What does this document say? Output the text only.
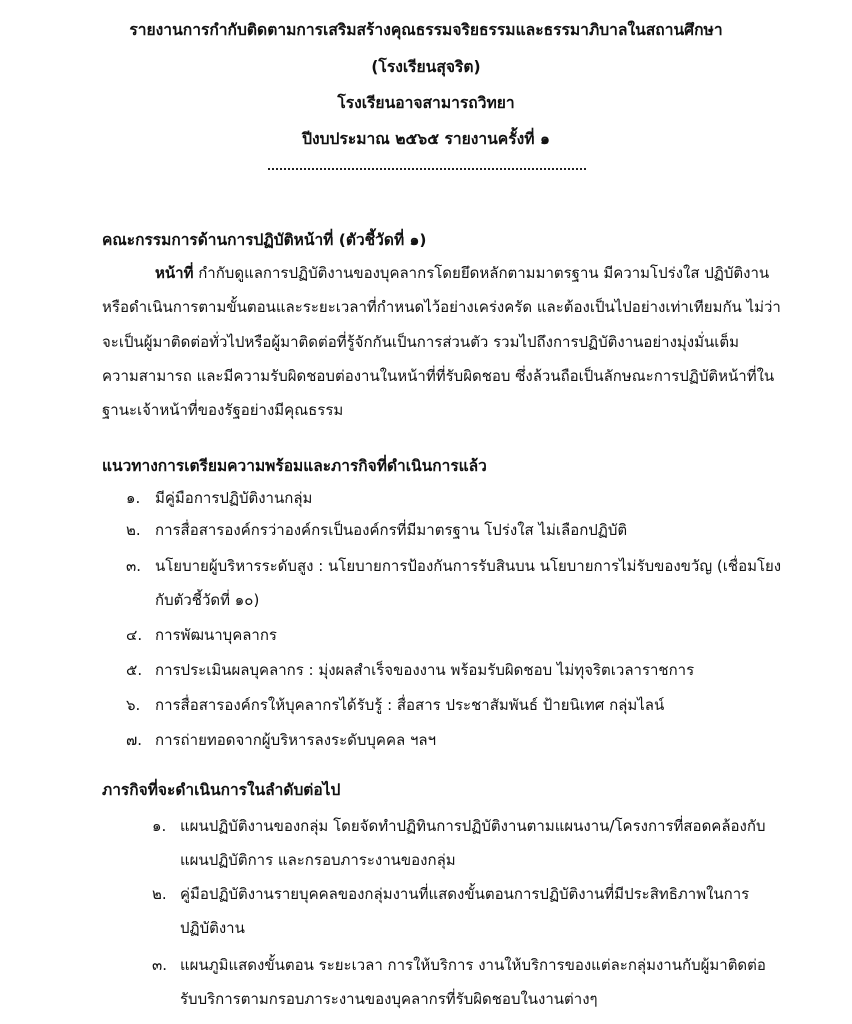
รายงานการกำกับติดตามการเสริมสร้างคุณธรรมจริยธรรมและธรรมาภิบาลในสถานศึกษา
(โรงเรียนสุจริต)
โรงเรียนอาจสามารถวิทยา
ปีงบประมาณ ๒๕๖๕ รายงานครั้งที่ ๑
คณะกรรมการด้านการปฏิบัติหน้าที่ (ตัวชี้วัดที่ ๑)
หน้าที่ กำกับดูแลการปฏิบัติงานของบุคลากรโดยยึดหลักตามมาตรฐาน มีความโปร่งใส ปฏิบัติงาน
หรือดำเนินการตามขั้นตอนและระยะเวลาที่กำหนดไว้อย่างเคร่งครัด และต้องเป็นไปอย่างเท่าเทียมกัน ไม่ว่า
จะเป็นผู้มาติดต่อทั่วไปหรือผู้มาติดต่อที่รู้จักกันเป็นการส่วนตัว รวมไปถึงการปฏิบัติงานอย่างมุ่งมั่นเต็ม
ความสามารถ และมีความรับผิดชอบต่องานในหน้าที่ที่รับผิดชอบ ซึ่งล้วนถือเป็นลักษณะการปฏิบัติหน้าที่ใน
ฐานะเจ้าหน้าที่ของรัฐอย่างมีคุณธรรม
แนวทางการเตรียมความพร้อมและภารกิจที่ดำเนินการแล้ว
๑. มีคู่มือการปฏิบัติงานกลุ่ม
๒. การสื่อสารองค์กรว่าองค์กรเป็นองค์กรที่มีมาตรฐาน โปร่งใส ไม่เลือกปฏิบัติ
๓. นโยบายผู้บริหารระดับสูง : นโยบายการป้องกันการรับสินบน นโยบายการไม่รับของขวัญ (เชื่อมโยง
กับตัวชี้วัดที่ ๑๐)
๔. การพัฒนาบุคลากร
๕. การประเมินผลบุคลากร : มุ่งผลสำเร็จของงาน พร้อมรับผิดชอบ ไม่ทุจริตเวลาราชการ
๖. การสื่อสารองค์กรให้บุคลากรได้รับรู้ : สื่อสาร ประชาสัมพันธ์ ป้ายนิเทศ กลุ่มไลน์
๗. การถ่ายทอดจากผู้บริหารลงระดับบุคคล ฯลฯ
ภารกิจที่จะดำเนินการในลำดับต่อไป
๑. แผนปฏิบัติงานของกลุ่ม โดยจัดทำปฏิทินการปฏิบัติงานตามแผนงาน/โครงการที่สอดคล้องกับ
แผนปฏิบัติการ และกรอบภาระงานของกลุ่ม
๒. คู่มือปฏิบัติงานรายบุคคลของกลุ่มงานที่แสดงขั้นตอนการปฏิบัติงานที่มีประสิทธิภาพในการ
ปฏิบัติงาน
๓. แผนภูมิแสดงขั้นตอน ระยะเวลา การให้บริการ งานให้บริการของแต่ละกลุ่มงานกับผู้มาติดต่อ
รับบริการตามกรอบภาระงานของบุคลากรที่รับผิดชอบในงานต่างๆ
